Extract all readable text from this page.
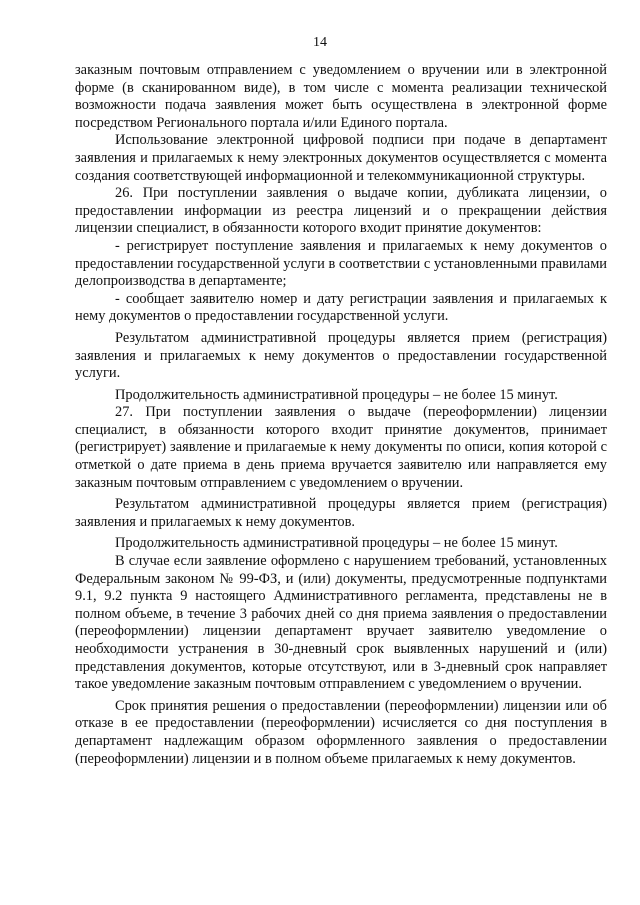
14

заказным почтовым отправлением с уведомлением о вручении или в электронной форме (в сканированном виде), в том числе с момента реализации технической возможности подача заявления может быть осуществлена в электронной форме посредством Регионального портала и/или Единого портала.

Использование электронной цифровой подписи при подаче в департамент заявления и прилагаемых к нему электронных документов осуществляется с момента создания соответствующей информационной и телекоммуникационной структуры.

26. При поступлении заявления о выдаче копии, дубликата лицензии, о предоставлении информации из реестра лицензий и о прекращении действия лицензии специалист, в обязанности которого входит принятие документов:

- регистрирует поступление заявления и прилагаемых к нему документов о предоставлении государственной услуги в соответствии с установленными правилами делопроизводства в департаменте;

- сообщает заявителю номер и дату регистрации заявления и прилагаемых к нему документов о предоставлении государственной услуги.

Результатом административной процедуры является прием (регистрация) заявления и прилагаемых к нему документов о предоставлении государственной услуги.

Продолжительность административной процедуры – не более 15 минут.

27. При поступлении заявления о выдаче (переоформлении) лицензии специалист, в обязанности которого входит принятие документов, принимает (регистрирует) заявление и прилагаемые к нему документы по описи, копия которой с отметкой о дате приема в день приема вручается заявителю или направляется ему заказным почтовым отправлением с уведомлением о вручении.

Результатом административной процедуры является прием (регистрация) заявления и прилагаемых к нему документов.

Продолжительность административной процедуры – не более 15 минут.

В случае если заявление оформлено с нарушением требований, установленных Федеральным законом № 99-ФЗ, и (или) документы, предусмотренные подпунктами 9.1, 9.2 пункта 9 настоящего Административного регламента, представлены не в полном объеме, в течение 3 рабочих дней со дня приема заявления о предоставлении (переоформлении) лицензии департамент вручает заявителю уведомление о необходимости устранения в 30-дневный срок выявленных нарушений и (или) представления документов, которые отсутствуют, или в 3-дневный срок направляет такое уведомление заказным почтовым отправлением с уведомлением о вручении.

Срок принятия решения о предоставлении (переоформлении) лицензии или об отказе в ее предоставлении (переоформлении) исчисляется со дня поступления в департамент надлежащим образом оформленного заявления о предоставлении (переоформлении) лицензии и в полном объеме прилагаемых к нему документов.
